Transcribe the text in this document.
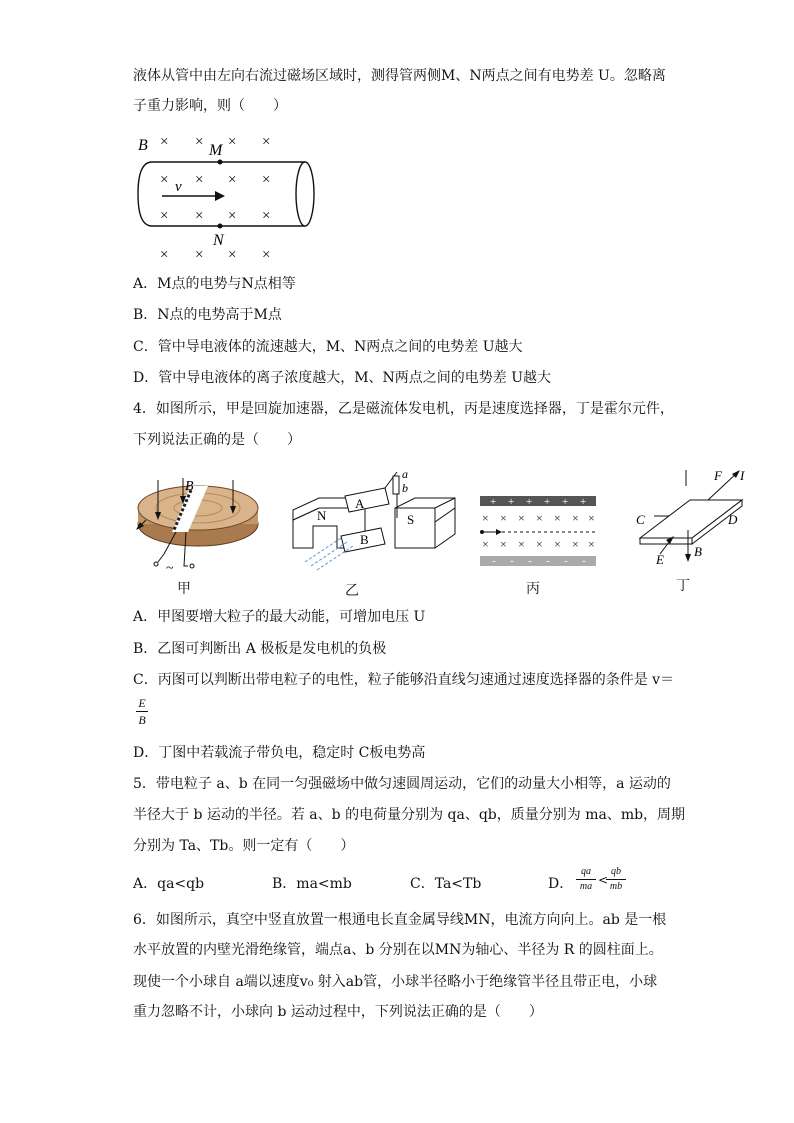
液体从管中由左向右流过磁场区域时，测得管两侧M、N两点之间有电势差 U。忽略离
子重力影响，则（　　）
× × × ×
× × × ×
× × × ×
× × × ×
B	M
N
v
A．M点的电势与N点相等
B．N点的电势高于M点
C．管中导电液体的流速越大，M、N两点之间的电势差 U越大
D．管中导电液体的离子浓度越大，M、N两点之间的电势差 U越大
4．如图所示，甲是回旋加速器，乙是磁流体发电机，丙是速度选择器，丁是霍尔元件，
下列说法正确的是（　　）
B
~
N	S
A
B
a
b
+ + + + + +
× × × × × × ×
× × × × × × ×
- - - - - -
F I
C	D
E
B
甲	乙	丙	丁
A．甲图要增大粒子的最大动能，可增加电压 U
B．乙图可判断出 A 极板是发电机的负极
C．丙图可以判断出带电粒子的电性，粒子能够沿直线匀速通过速度选择器的条件是 v＝
E
B
D．丁图中若载流子带负电，稳定时 C板电势高
5．带电粒子 a、b 在同一匀强磁场中做匀速圆周运动，它们的动量大小相等，a 运动的
半径大于 b 运动的半径。若 a、b 的电荷量分别为 qa、qb，质量分别为 ma、mb，周期
分别为 Ta、Tb。则一定有（　　）
A．qa<qb	B．ma<mb	C．Ta<Tb	D．
qa
ma <
qb
mb
6．如图所示，真空中竖直放置一根通电长直金属导线MN，电流方向向上。ab 是一根
水平放置的内壁光滑绝缘管，端点a、b 分别在以MN为轴心、半径为 R 的圆柱面上。
现使一个小球自 a端以速度v₀ 射入ab管，小球半径略小于绝缘管半径且带正电，小球
重力忽略不计，小球向 b 运动过程中，下列说法正确的是（　　）
